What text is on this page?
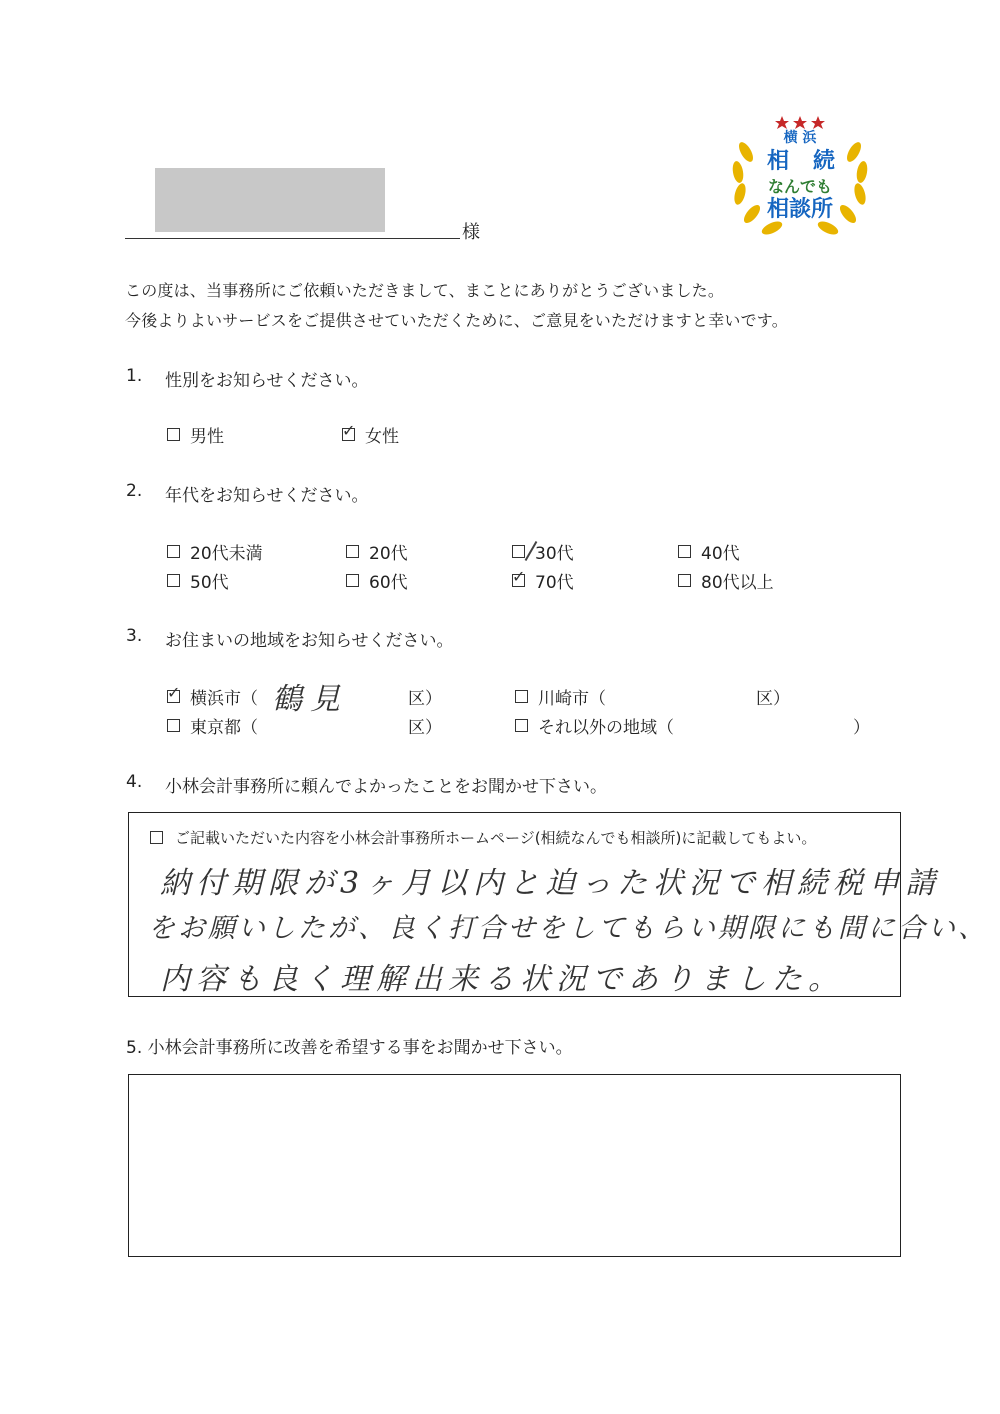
横 浜
相 続
なんでも
相談所
様
この度は、当事務所にご依頼いただきまして、まことにありがとうございました。
今後よりよいサービスをご提供させていただくために、ご意見をいただけますと幸いです。
1. 性別をお知らせください。
男性	✓ 女性
2. 年代をお知らせください。
20代未満	20代	30代	40代
50代	60代	✓ 70代	80代以上
3. お住まいの地域をお知らせください。
✓ 横浜市（ 鶴見	区）	川崎市（	区）
東京都（	区）	それ以外の地域（	）
4. 小林会計事務所に頼んでよかったことをお聞かせ下さい。
ご記載いただいた内容を小林会計事務所ホームページ(相続なんでも相談所)に記載してもよい。
納付期限が3ヶ月以内と迫った状況で相続税申請
をお願いしたが、良く打合せをしてもらい期限にも間に合い、
内容も良く理解出来る状況でありました。
5. 小林会計事務所に改善を希望する事をお聞かせ下さい。
